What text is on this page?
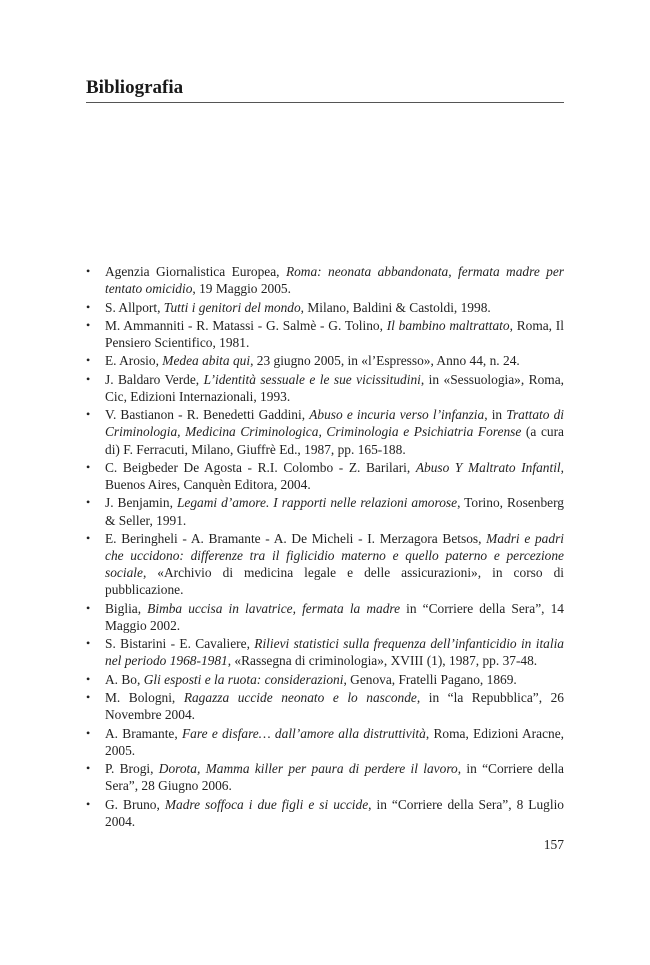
Bibliografia
• Agenzia Giornalistica Europea, Roma: neonata abbandonata, fermata madre per tentato omicidio, 19 Maggio 2005.
• S. Allport, Tutti i genitori del mondo, Milano, Baldini & Castoldi, 1998.
• M. Ammanniti - R. Matassi - G. Salmè - G. Tolino, Il bambino maltrattato, Roma, Il Pensiero Scientifico, 1981.
• E. Arosio, Medea abita qui, 23 giugno 2005, in «l’Espresso», Anno 44, n. 24.
• J. Baldaro Verde, L’identità sessuale e le sue vicissitudini, in «Sessuologia», Roma, Cic, Edizioni Internazionali, 1993.
• V. Bastianon - R. Benedetti Gaddini, Abuso e incuria verso l’infanzia, in Trattato di Criminologia, Medicina Criminologica, Criminologia e Psichiatria Forense (a cura di) F. Ferracuti, Milano, Giuffrè Ed., 1987, pp. 165-188.
• C. Beigbeder De Agosta - R.I. Colombo - Z. Barilari, Abuso Y Maltrato Infantil, Buenos Aires, Canquèn Editora, 2004.
• J. Benjamin, Legami d’amore. I rapporti nelle relazioni amorose, Torino, Rosenberg & Seller, 1991.
• E. Beringheli - A. Bramante - A. De Micheli - I. Merzagora Betsos, Madri e padri che uccidono: differenze tra il figlicidio materno e quello paterno e percezione sociale, «Archivio di medicina legale e delle assicurazioni», in corso di pubblicazione.
• Biglia, Bimba uccisa in lavatrice, fermata la madre in “Corriere della Sera”, 14 Maggio 2002.
• S. Bistarini - E. Cavaliere, Rilievi statistici sulla frequenza dell’infanticidio in italia nel periodo 1968-1981, «Rassegna di criminologia», XVIII (1), 1987, pp. 37-48.
• A. Bo, Gli esposti e la ruota: considerazioni, Genova, Fratelli Pagano, 1869.
• M. Bologni, Ragazza uccide neonato e lo nasconde, in “la Repubblica”, 26 Novembre 2004.
• A. Bramante, Fare e disfare… dall’amore alla distruttività, Roma, Edizioni Aracne, 2005.
• P. Brogi, Dorota, Mamma killer per paura di perdere il lavoro, in “Corriere della Sera”, 28 Giugno 2006.
• G. Bruno, Madre soffoca i due figli e si uccide, in “Corriere della Sera”, 8 Luglio 2004.
157
